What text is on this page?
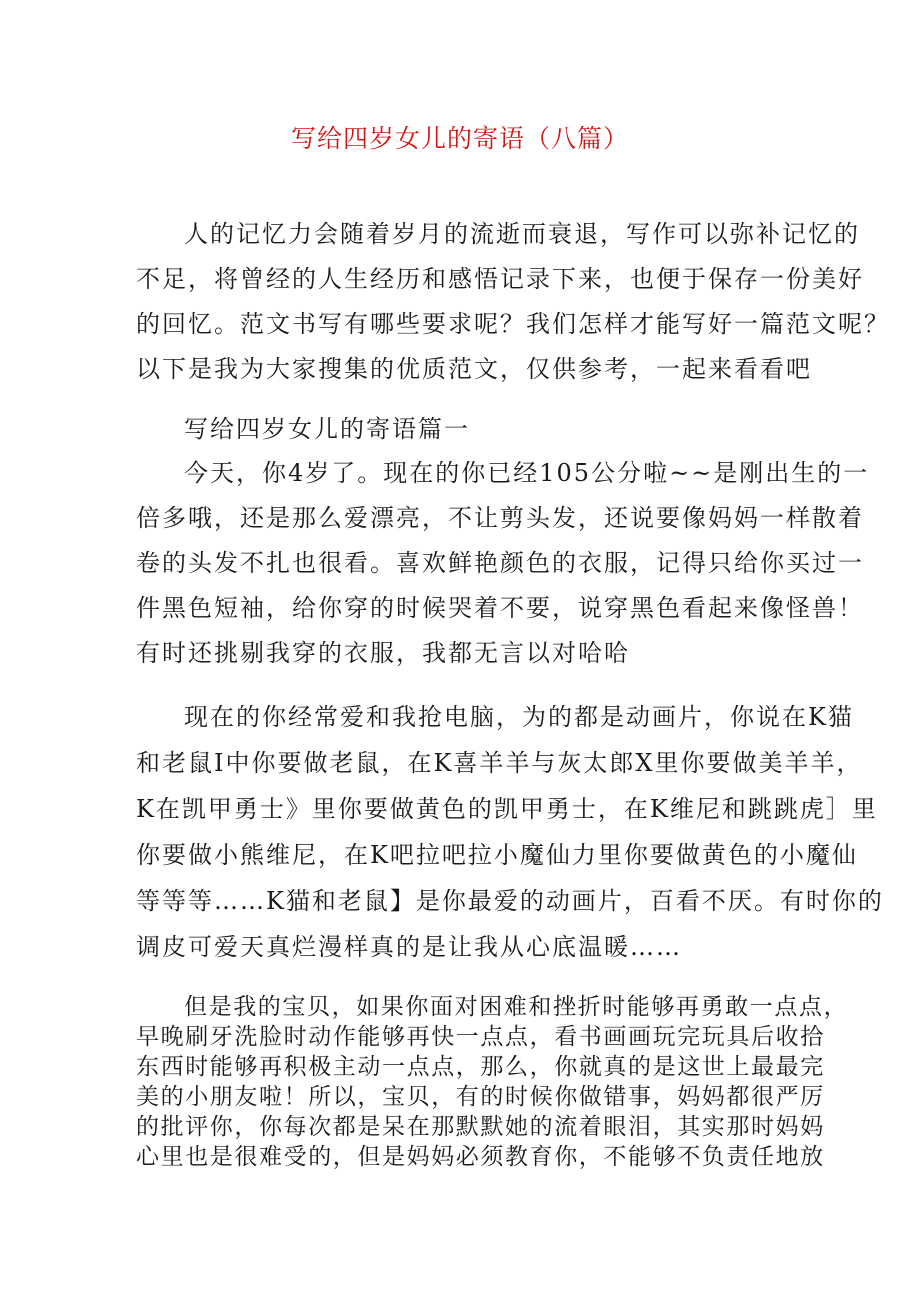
写给四岁女儿的寄语（八篇）
人的记忆力会随着岁月的流逝而衰退，写作可以弥补记忆的
不足，将曾经的人生经历和感悟记录下来，也便于保存一份美好
的回忆。范文书写有哪些要求呢？我们怎样才能写好一篇范文呢？
以下是我为大家搜集的优质范文，仅供参考，一起来看看吧
写给四岁女儿的寄语篇一
今天，你4岁了。现在的你已经105公分啦~~是刚出生的一
倍多哦，还是那么爱漂亮，不让剪头发，还说要像妈妈一样散着
卷的头发不扎也很看。喜欢鲜艳颜色的衣服，记得只给你买过一
件黑色短袖，给你穿的时候哭着不要，说穿黑色看起来像怪兽！
有时还挑剔我穿的衣服，我都无言以对哈哈
现在的你经常爱和我抢电脑，为的都是动画片，你说在K猫
和老鼠I中你要做老鼠，在K喜羊羊与灰太郎X里你要做美羊羊，
K在凯甲勇士》里你要做黄色的凯甲勇士，在K维尼和跳跳虎］里
你要做小熊维尼，在K吧拉吧拉小魔仙力里你要做黄色的小魔仙
等等等……K猫和老鼠】是你最爱的动画片，百看不厌。有时你的
调皮可爱天真烂漫样真的是让我从心底温暖……
但是我的宝贝，如果你面对困难和挫折时能够再勇敢一点点，
早晚刷牙洗脸时动作能够再快一点点，看书画画玩完玩具后收拾
东西时能够再积极主动一点点，那么，你就真的是这世上最最完
美的小朋友啦！所以，宝贝，有的时候你做错事，妈妈都很严厉
的批评你，你每次都是呆在那默默她的流着眼泪，其实那时妈妈
心里也是很难受的，但是妈妈必须教育你，不能够不负责任地放
